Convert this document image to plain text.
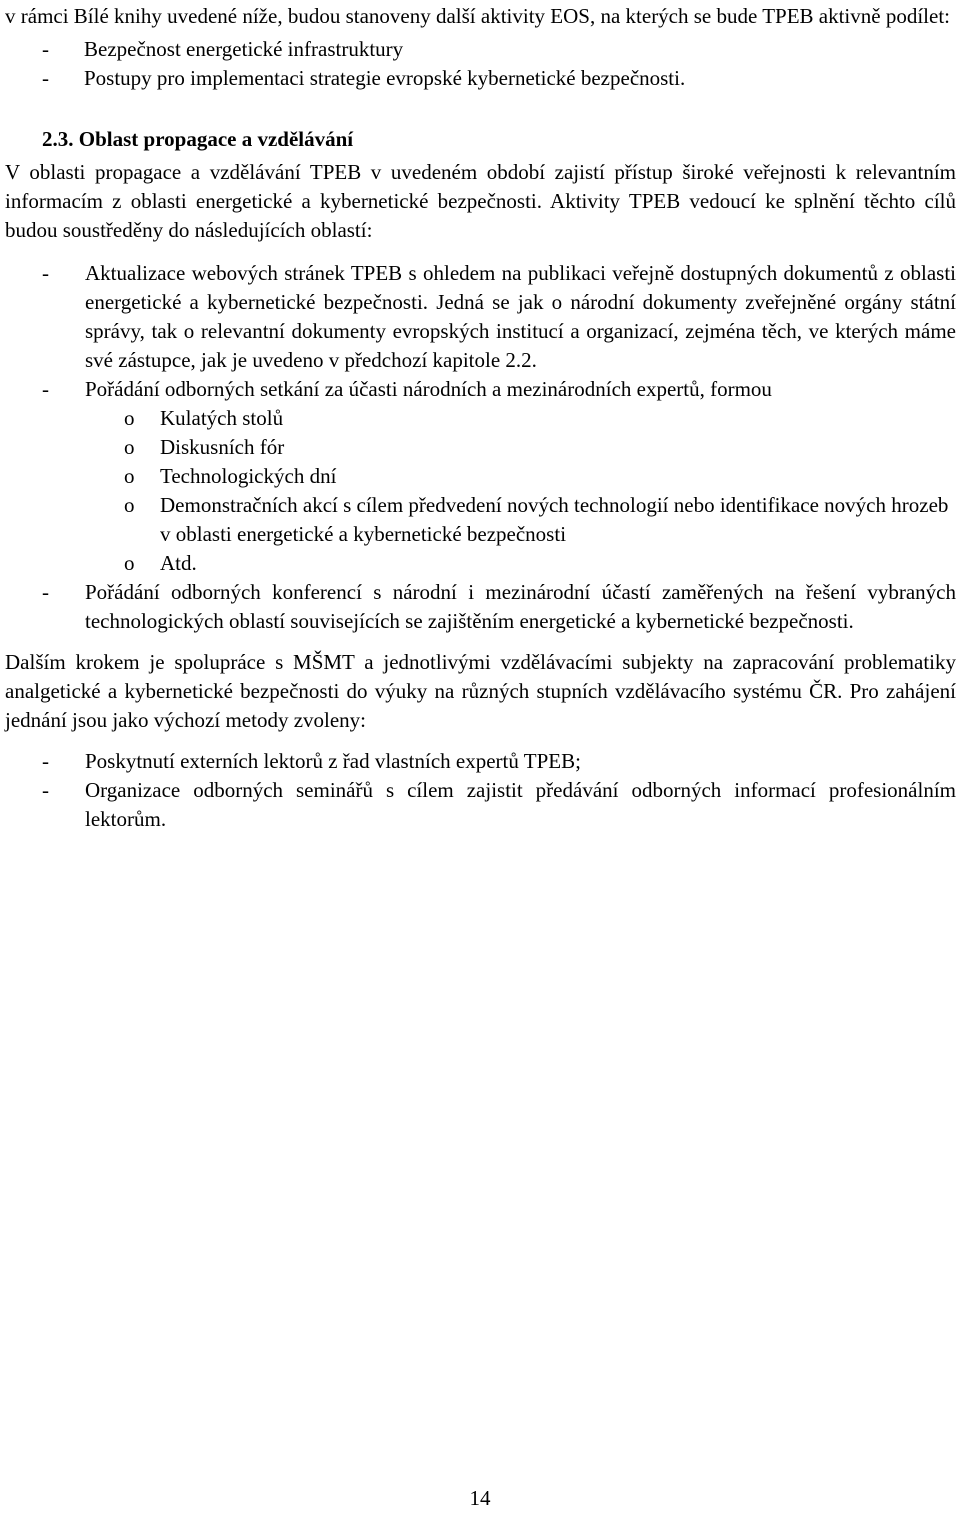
v rámci Bílé knihy uvedené níže, budou stanoveny další aktivity EOS, na kterých se bude TPEB aktivně podílet:

- Bezpečnost energetické infrastruktury
- Postupy pro implementaci strategie evropské kybernetické bezpečnosti.

2.3. Oblast propagace a vzdělávání

V oblasti propagace a vzdělávání TPEB v uvedeném období zajistí přístup široké veřejnosti k relevantním informacím z oblasti energetické a kybernetické bezpečnosti. Aktivity TPEB vedoucí ke splnění těchto cílů budou soustředěny do následujících oblastí:

- Aktualizace webových stránek TPEB s ohledem na publikaci veřejně dostupných dokumentů z oblasti energetické a kybernetické bezpečnosti. Jedná se jak o národní dokumenty zveřejněné orgány státní správy, tak o relevantní dokumenty evropských institucí a organizací, zejména těch, ve kterých máme své zástupce, jak je uvedeno v předchozí kapitole 2.2.
- Pořádání odborných setkání za účasti národních a mezinárodních expertů, formou
o Kulatých stolů
o Diskusních fór
o Technologických dní
o Demonstračních akcí s cílem předvedení nových technologií nebo identifikace nových hrozeb v oblasti energetické a kybernetické bezpečnosti
o Atd.
- Pořádání odborných konferencí s národní i mezinárodní účastí zaměřených na řešení vybraných technologických oblastí souvisejících se zajištěním energetické a kybernetické bezpečnosti.

Dalším krokem je spolupráce s MŠMT a jednotlivými vzdělávacími subjekty na zapracování problematiky analgetické a kybernetické bezpečnosti do výuky na různých stupních vzdělávacího systému ČR. Pro zahájení jednání jsou jako výchozí metody zvoleny:

- Poskytnutí externích lektorů z řad vlastních expertů TPEB;
- Organizace odborných seminářů s cílem zajistit předávání odborných informací profesionálním lektorům.
14
